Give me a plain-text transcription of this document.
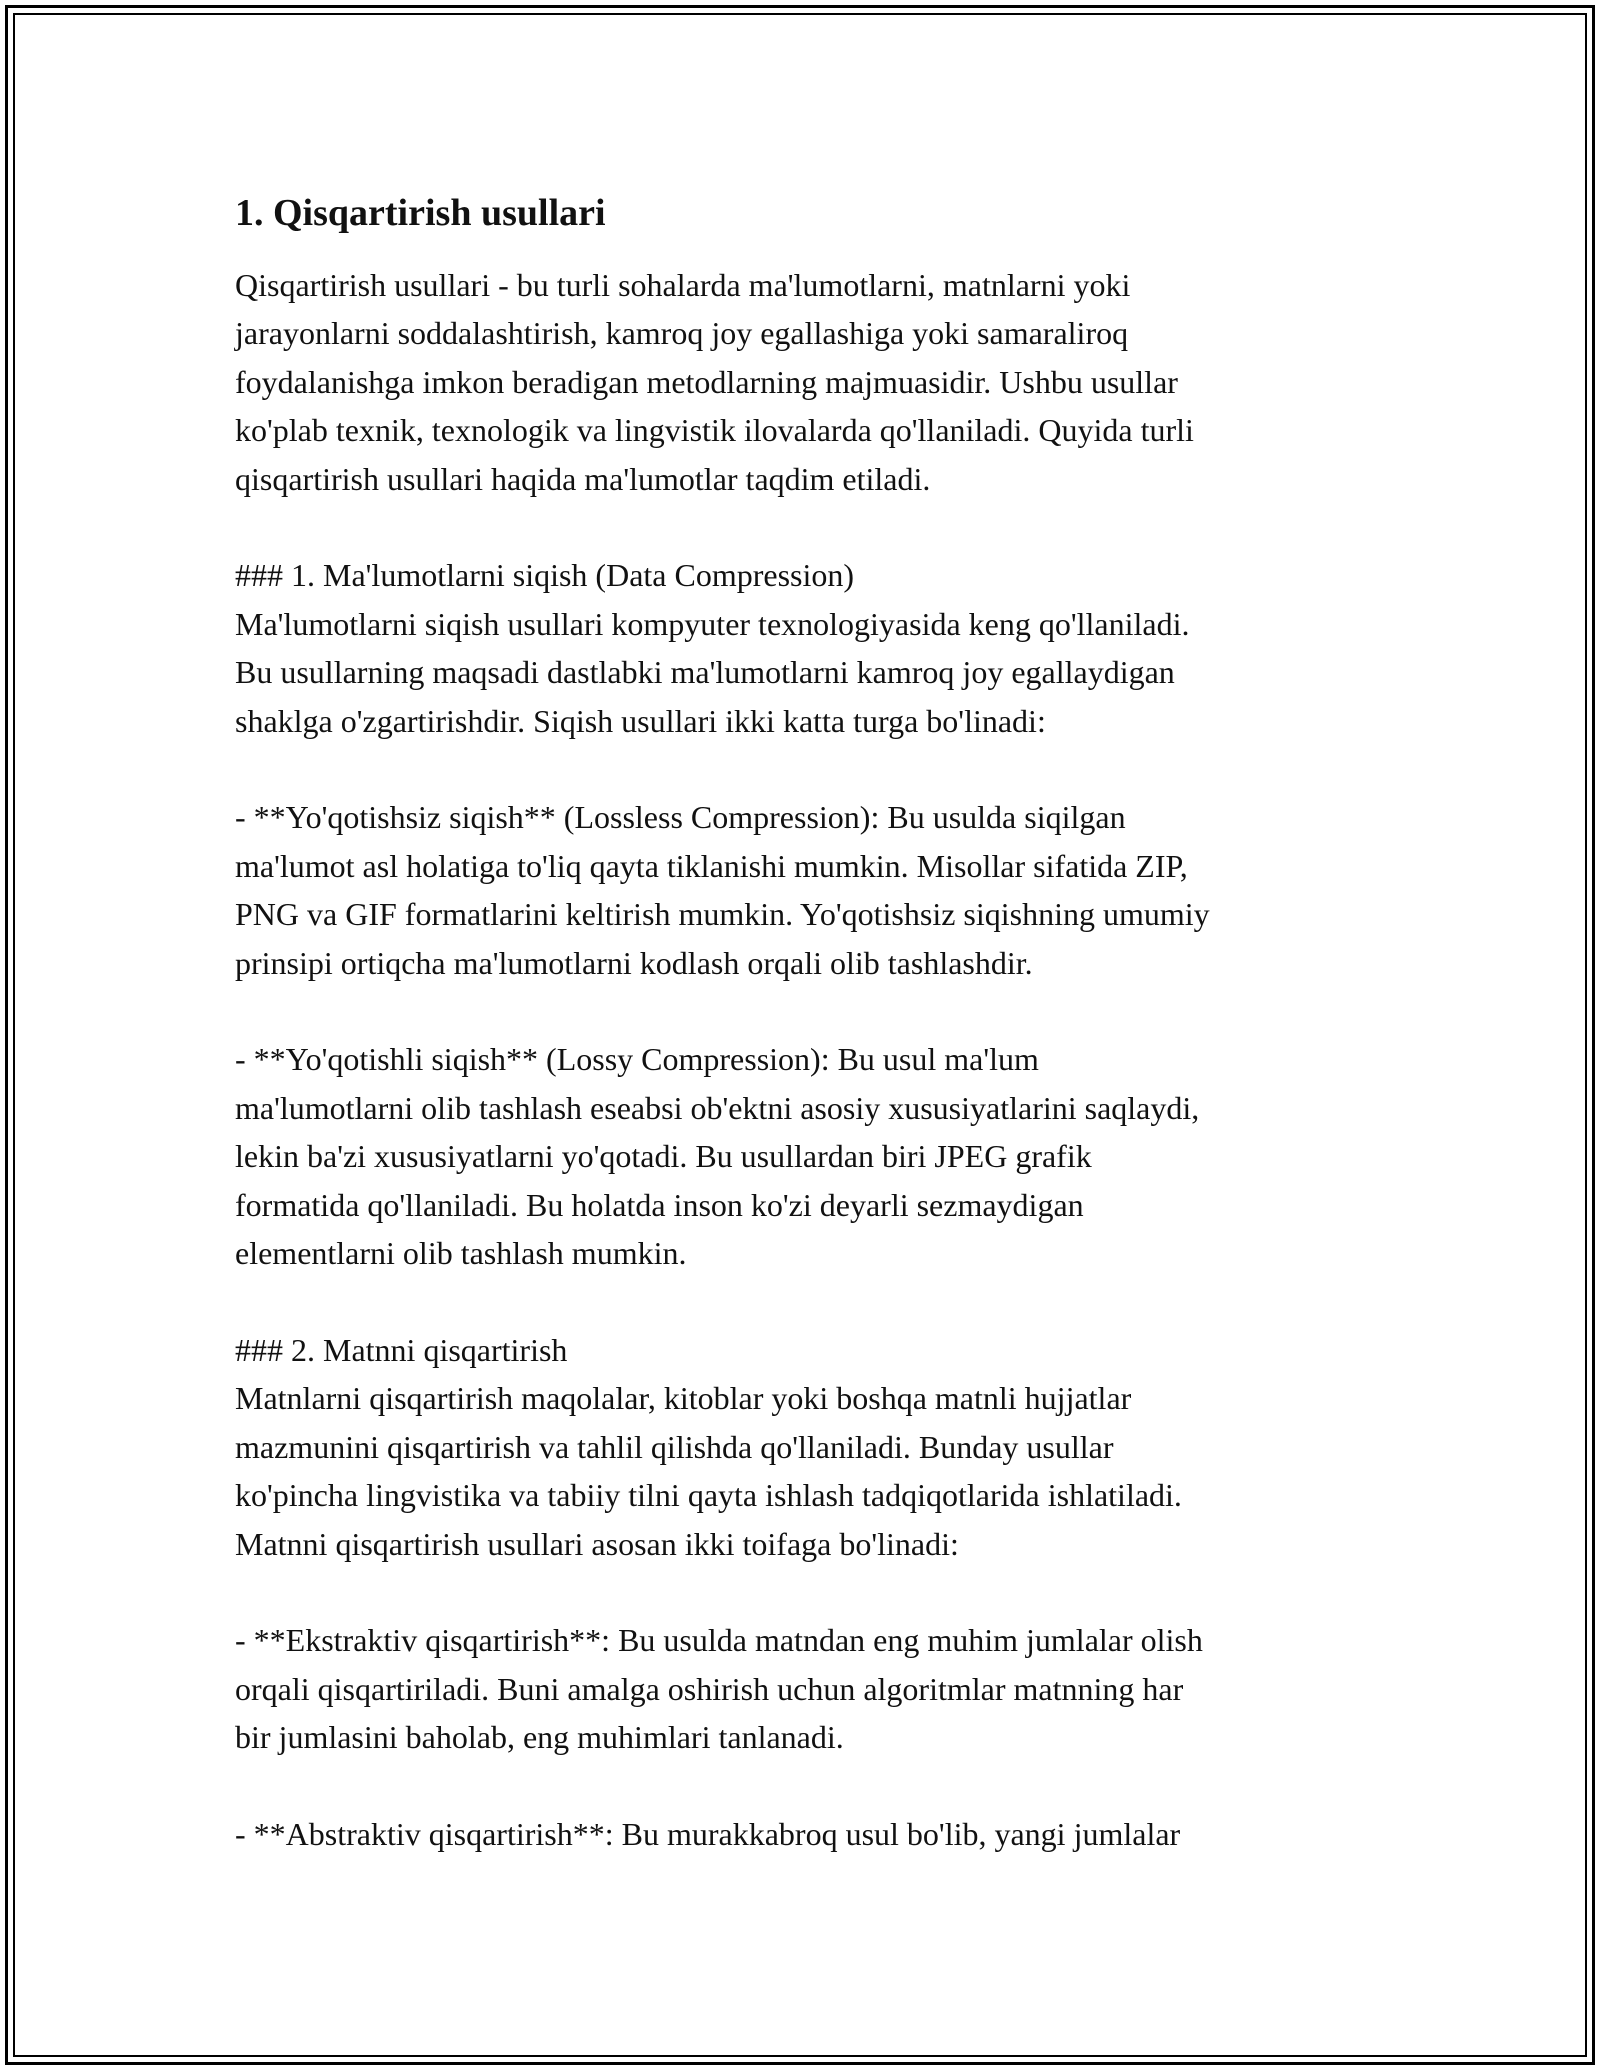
1. Qisqartirish usullari

Qisqartirish usullari - bu turli sohalarda ma'lumotlarni, matnlarni yoki
jarayonlarni soddalashtirish, kamroq joy egallashiga yoki samaraliroq
foydalanishga imkon beradigan metodlarning majmuasidir. Ushbu usullar
ko'plab texnik, texnologik va lingvistik ilovalarda qo'llaniladi. Quyida turli
qisqartirish usullari haqida ma'lumotlar taqdim etiladi.

### 1. Ma'lumotlarni siqish (Data Compression)
Ma'lumotlarni siqish usullari kompyuter texnologiyasida keng qo'llaniladi.
Bu usullarning maqsadi dastlabki ma'lumotlarni kamroq joy egallaydigan
shaklga o'zgartirishdir. Siqish usullari ikki katta turga bo'linadi:

- **Yo'qotishsiz siqish** (Lossless Compression): Bu usulda siqilgan
ma'lumot asl holatiga to'liq qayta tiklanishi mumkin. Misollar sifatida ZIP,
PNG va GIF formatlarini keltirish mumkin. Yo'qotishsiz siqishning umumiy
prinsipi ortiqcha ma'lumotlarni kodlash orqali olib tashlashdir.

- **Yo'qotishli siqish** (Lossy Compression): Bu usul ma'lum
ma'lumotlarni olib tashlash eseabsi ob'ektni asosiy xususiyatlarini saqlaydi,
lekin ba'zi xususiyatlarni yo'qotadi. Bu usullardan biri JPEG grafik
formatida qo'llaniladi. Bu holatda inson ko'zi deyarli sezmaydigan
elementlarni olib tashlash mumkin.

### 2. Matnni qisqartirish
Matnlarni qisqartirish maqolalar, kitoblar yoki boshqa matnli hujjatlar
mazmunini qisqartirish va tahlil qilishda qo'llaniladi. Bunday usullar
ko'pincha lingvistika va tabiiy tilni qayta ishlash tadqiqotlarida ishlatiladi.
Matnni qisqartirish usullari asosan ikki toifaga bo'linadi:

- **Ekstraktiv qisqartirish**: Bu usulda matndan eng muhim jumlalar olish
orqali qisqartiriladi. Buni amalga oshirish uchun algoritmlar matnning har
bir jumlasini baholab, eng muhimlari tanlanadi.

- **Abstraktiv qisqartirish**: Bu murakkabroq usul bo'lib, yangi jumlalar
